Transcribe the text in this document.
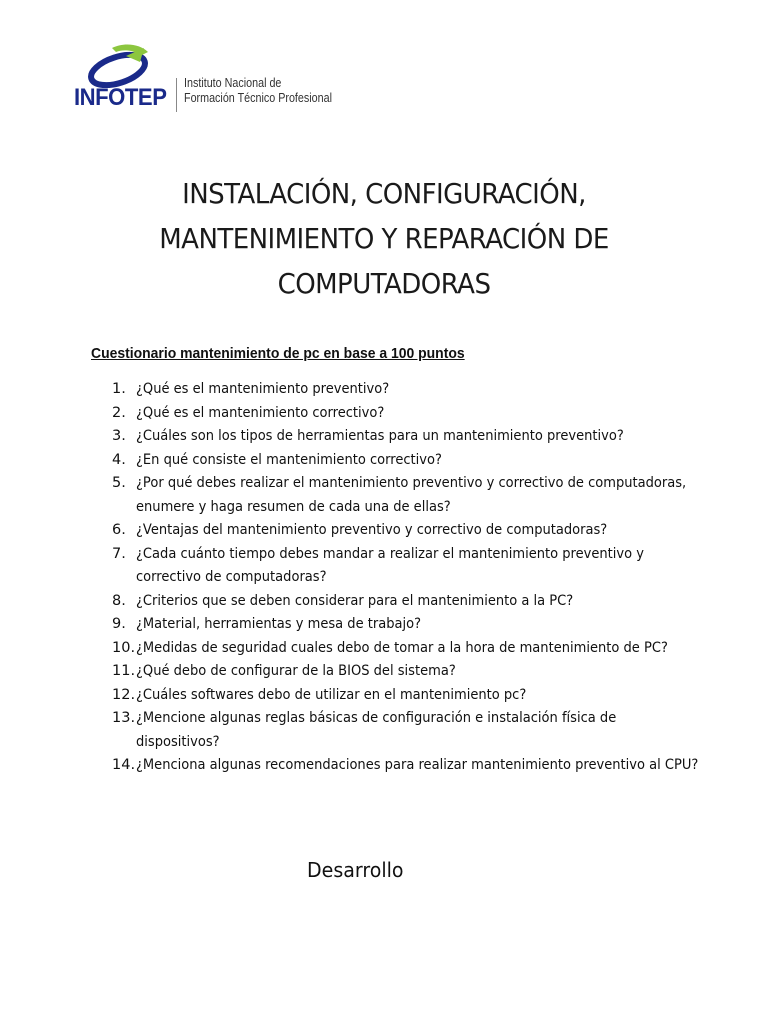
INFOTEP
Instituto Nacional de
Formación Técnico Profesional
INSTALACIÓN, CONFIGURACIÓN,
MANTENIMIENTO Y REPARACIÓN DE
COMPUTADORAS
Cuestionario mantenimiento de pc en base a 100 puntos
1. ¿Qué es el mantenimiento preventivo?
2. ¿Qué es el mantenimiento correctivo?
3. ¿Cuáles son los tipos de herramientas para un mantenimiento preventivo?
4. ¿En qué consiste el mantenimiento correctivo?
5. ¿Por qué debes realizar el mantenimiento preventivo y correctivo de computadoras, enumere y haga resumen de cada una de ellas?
6. ¿Ventajas del mantenimiento preventivo y correctivo de computadoras?
7. ¿Cada cuánto tiempo debes mandar a realizar el mantenimiento preventivo y correctivo de computadoras?
8. ¿Criterios que se deben considerar para el mantenimiento a la PC?
9. ¿Material, herramientas y mesa de trabajo?
10. ¿Medidas de seguridad cuales debo de tomar a la hora de mantenimiento de PC?
11. ¿Qué debo de configurar de la BIOS del sistema?
12. ¿Cuáles softwares debo de utilizar en el mantenimiento pc?
13. ¿Mencione algunas reglas básicas de configuración e instalación física de dispositivos?
14. ¿Menciona algunas recomendaciones para realizar mantenimiento preventivo al CPU?
Desarrollo
